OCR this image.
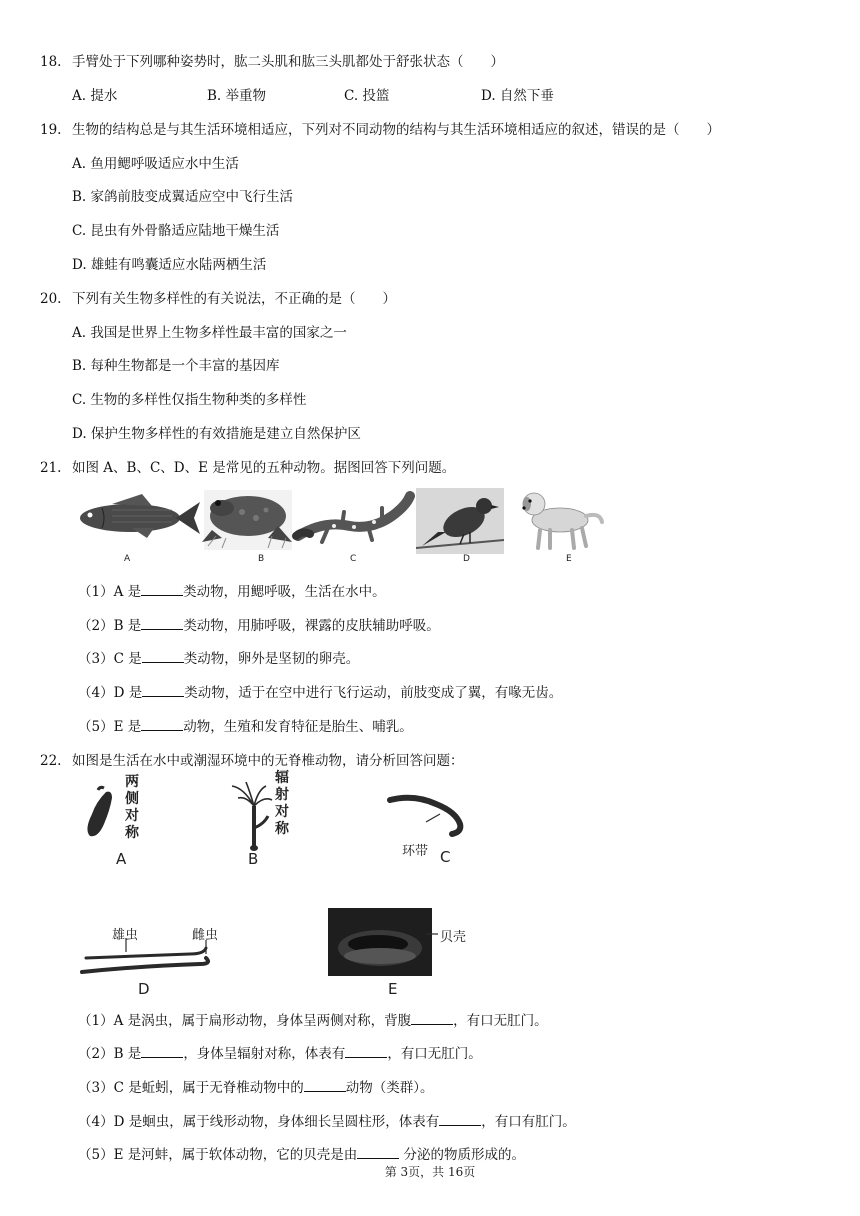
18. 手臂处于下列哪种姿势时，肱二头肌和肱三头肌都处于舒张状态（　　）
A. 提水	B. 举重物	C. 投篮	D. 自然下垂
19. 生物的结构总是与其生活环境相适应，下列对不同动物的结构与其生活环境相适应的叙述，错误的是（　　）
A. 鱼用鳃呼吸适应水中生活
B. 家鸽前肢变成翼适应空中飞行生活
C. 昆虫有外骨骼适应陆地干燥生活
D. 雄蛙有鸣囊适应水陆两栖生活
20. 下列有关生物多样性的有关说法，不正确的是（　　）
A. 我国是世界上生物多样性最丰富的国家之一
B. 每种生物都是一个丰富的基因库
C. 生物的多样性仅指生物种类的多样性
D. 保护生物多样性的有效措施是建立自然保护区
21. 如图 A、B、C、D、E 是常见的五种动物。据图回答下列问题。
A	B	C	D	E
（1）A 是	类动物，用鳃呼吸，生活在水中。
（2）B 是	类动物，用肺呼吸，裸露的皮肤辅助呼吸。
（3）C 是	类动物，卵外是坚韧的卵壳。
（4）D 是	类动物，适于在空中进行飞行运动，前肢变成了翼，有喙无齿。
（5）E 是	动物，生殖和发育特征是胎生、哺乳。
22. 如图是生活在水中或潮湿环境中的无脊椎动物，请分析回答问题：
两
侧
对
称
A
辐
射
对
称
B	环带 C
雄虫	雌虫
D
贝壳
E
（1）A 是涡虫，属于扁形动物，身体呈两侧对称，背腹	，有口无肛门。
（2）B 是	，身体呈辐射对称，体表有	，有口无肛门。
（3）C 是蚯蚓，属于无脊椎动物中的	动物（类群）。
（4）D 是蛔虫，属于线形动物，身体细长呈圆柱形，体表有	，有口有肛门。
（5）E 是河蚌，属于软体动物，它的贝壳是由	分泌的物质形成的。
第 3页，共 16页
